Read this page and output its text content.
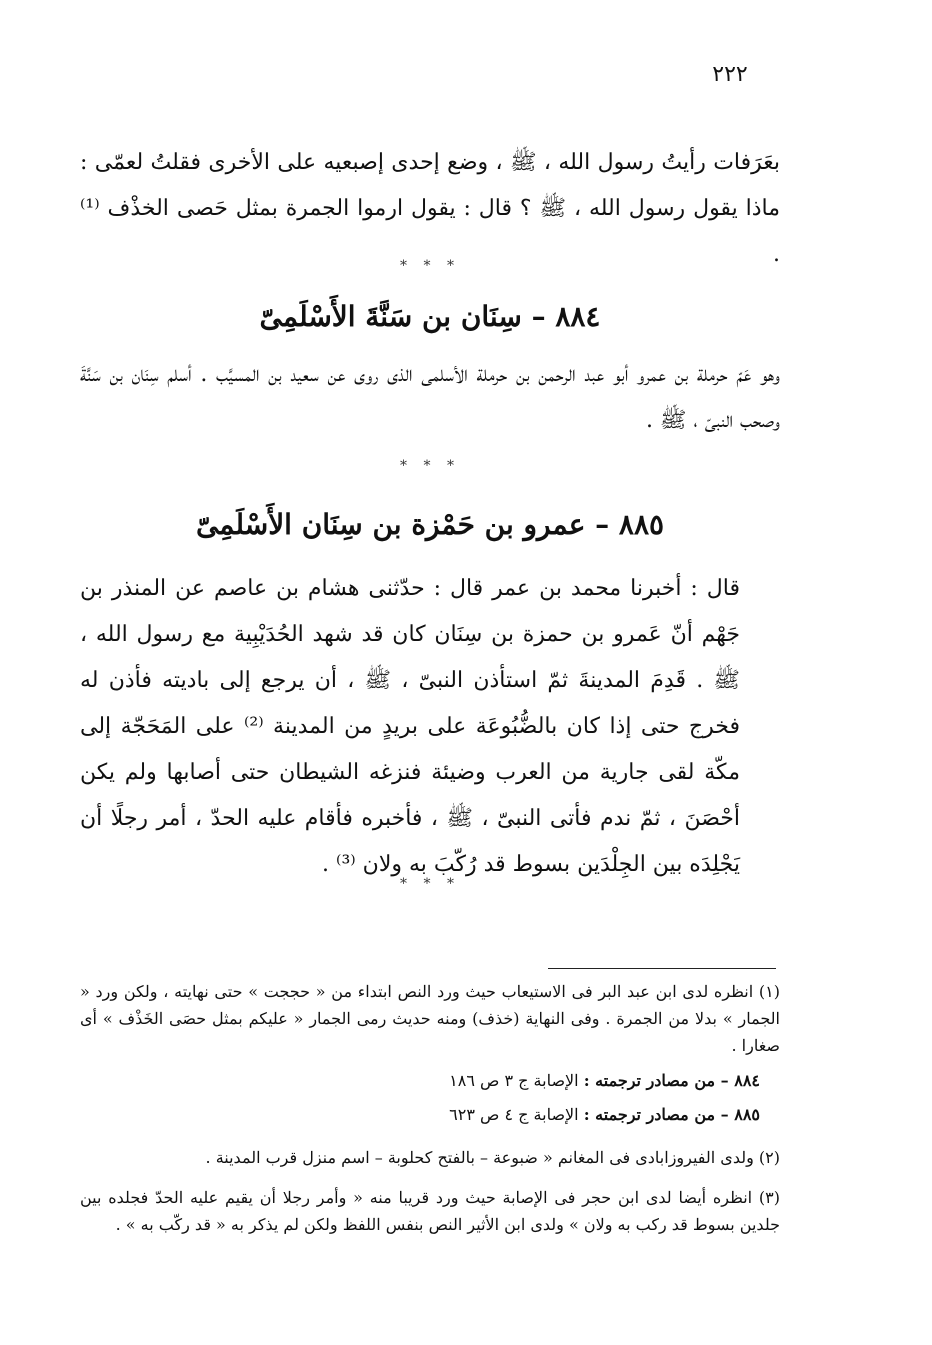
٢٢٢

بعَرَفات رأيتُ رسول الله ، ﷺ ، وضع إحدى إصبعيه على الأخرى فقلتُ لعمّى : ماذا يقول رسول الله ، ﷺ ؟ قال : يقول ارموا الجمرة بمثل حَصى الخذْف ⁽¹⁾ .

* * *
٨٨٤ – سِنَان بن سَنَّةَ الأَسْلَمِىّ

وهو عَمّ حرملة بن عمرو أبو عبد الرحمن بن حرملة الأسلمى الذى روى عن سعيد بن المسيَّب . أسلم سِنَان بن سَنَّةَ وصحب النبىّ ، ﷺ .

* * *
٨٨٥ – عمرو بن حَمْزة بن سِنَان الأَسْلَمِىّ

قال : أخبرنا محمد بن عمر قال : حدّثنى هشام بن عاصم عن المنذر بن جَهْم أنّ عَمرو بن حمزة بن سِنَان كان قد شهد الحُدَيْبِية مع رسول الله ، ﷺ . قَدِمَ المدينةَ ثمّ استأذن النبىّ ، ﷺ ، أن يرجع إلى باديته فأذن له فخرج حتى إذا كان بالضُّبُوعَة على بريدٍ من المدينة ⁽²⁾ على المَحَجّة إلى مكّة لقى جارية من العرب وضيئة فنزغه الشيطان حتى أصابها ولم يكن أحْصَنَ ، ثمّ ندم فأتى النبىّ ، ﷺ ، فأخبره فأقام عليه الحدّ ، أمر رجلًا أن يَجْلِدَه بين الجِلْدَين بسوط قد رُكّبَ به ولان ⁽³⁾ .

* * *

(١) انظره لدى ابن عبد البر فى الاستيعاب حيث ورد النص ابتداء من « حججت » حتى نهايته ، ولكن ورد « الجمار » بدلا من الجمرة . وفى النهاية (خذف) ومنه حديث رمى الجمار « عليكم بمثل حصَى الخَذْف » أى صغارا .

٨٨٤ – من مصادر ترجمته : الإصابة ج ٣ ص ١٨٦
٨٨٥ – من مصادر ترجمته : الإصابة ج ٤ ص ٦٢٣

(٢) ولدى الفيروزابادى فى المغانم « ضبوعة – بالفتح كحلوبة – اسم منزل قرب المدينة .

(٣) انظره أيضا لدى ابن حجر فى الإصابة حيث ورد قريبا منه « وأمر رجلا أن يقيم عليه الحدّ فجلده بين جلدين بسوط قد ركب به ولان » ولدى ابن الأثير النص بنفس اللفظ ولكن لم يذكر به « قد ركّب به » .
